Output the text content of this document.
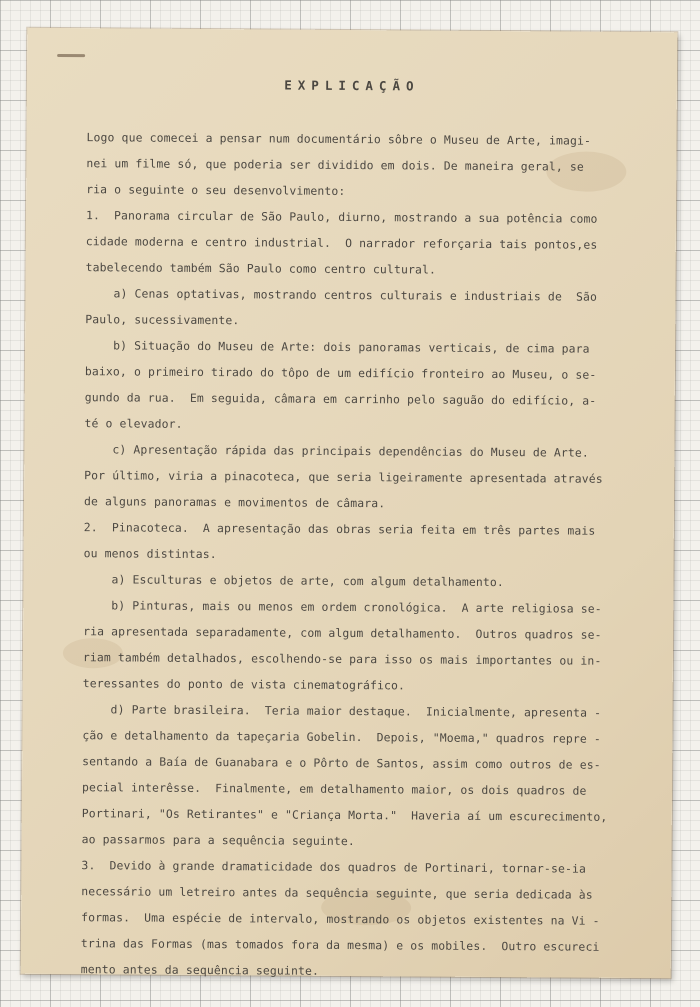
EXPLICAÇÃO
Logo que comecei a pensar num documentário sôbre o Museu de Arte, imagi-
nei um filme só, que poderia ser dividido em dois. De maneira geral, se
ria o seguinte o seu desenvolvimento:
1.  Panorama circular de São Paulo, diurno, mostrando a sua potência como
cidade moderna e centro industrial.  O narrador reforçaria tais pontos,es
tabelecendo também São Paulo como centro cultural.
a) Cenas optativas, mostrando centros culturais e industriais de  São
Paulo, sucessivamente.
b) Situação do Museu de Arte: dois panoramas verticais, de cima para
baixo, o primeiro tirado do tôpo de um edifício fronteiro ao Museu, o se-
gundo da rua.  Em seguida, câmara em carrinho pelo saguão do edifício, a-
té o elevador.
c) Apresentação rápida das principais dependências do Museu de Arte.
Por último, viria a pinacoteca, que seria ligeiramente apresentada através
de alguns panoramas e movimentos de câmara.
2.  Pinacoteca.  A apresentação das obras seria feita em três partes mais
ou menos distintas.
a) Esculturas e objetos de arte, com algum detalhamento.
b) Pinturas, mais ou menos em ordem cronológica.  A arte religiosa se-
ria apresentada separadamente, com algum detalhamento.  Outros quadros se-
riam também detalhados, escolhendo-se para isso os mais importantes ou in-
teressantes do ponto de vista cinematográfico.
d) Parte brasileira.  Teria maior destaque.  Inicialmente, apresenta -
ção e detalhamento da tapeçaria Gobelin.  Depois, "Moema," quadros repre -
sentando a Baía de Guanabara e o Pôrto de Santos, assim como outros de es-
pecial interêsse.  Finalmente, em detalhamento maior, os dois quadros de
Portinari, "Os Retirantes" e "Criança Morta."  Haveria aí um escurecimento,
ao passarmos para a sequência seguinte.
3.  Devido à grande dramaticidade dos quadros de Portinari, tornar-se-ia
necessário um letreiro antes da sequência seguinte, que seria dedicada às
formas.  Uma espécie de intervalo, mostrando os objetos existentes na Vi -
trina das Formas (mas tomados fora da mesma) e os mobiles.  Outro escureci
mento antes da sequência seguinte.
